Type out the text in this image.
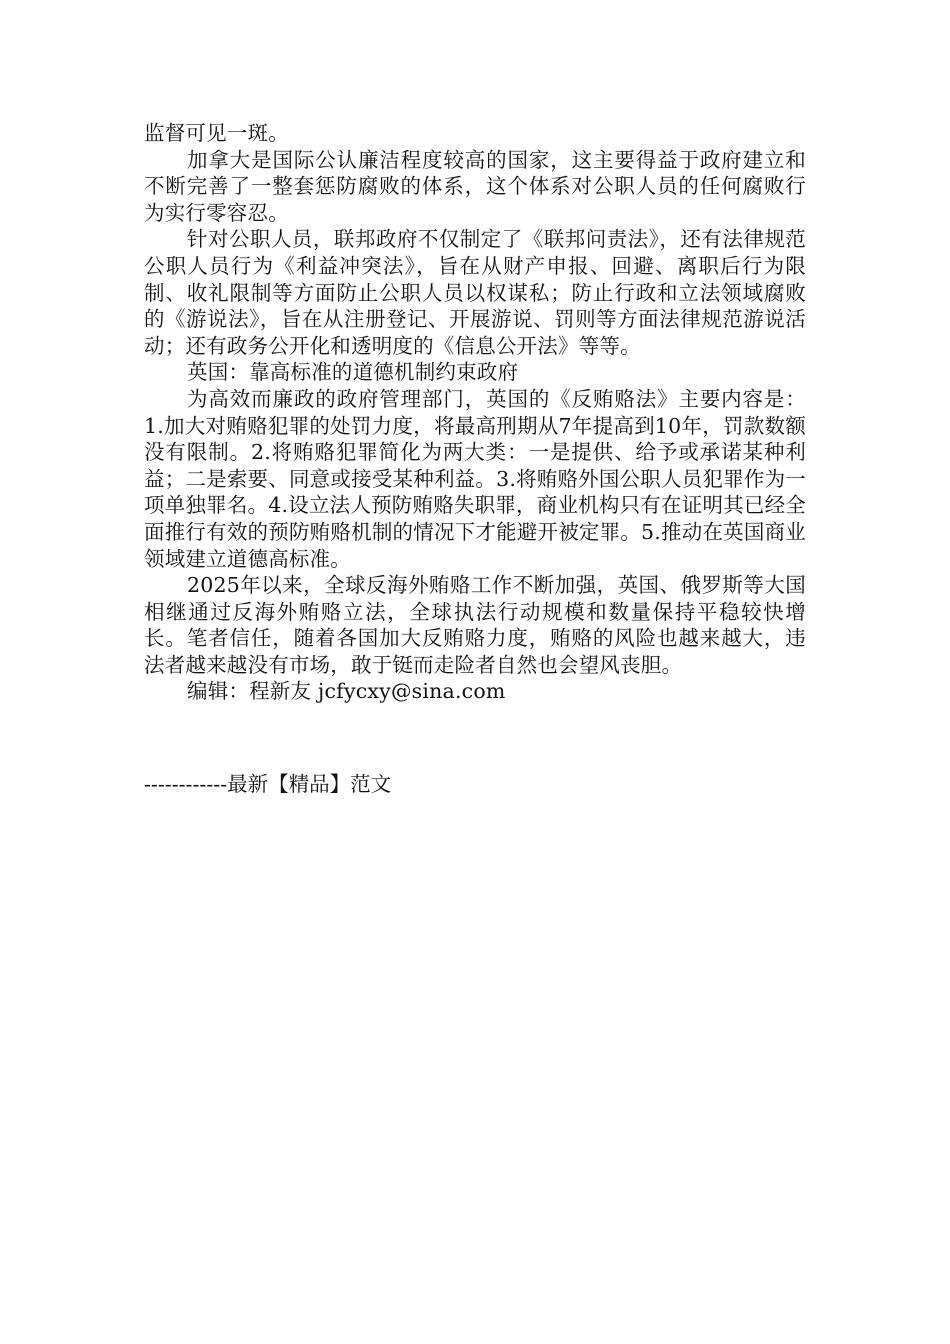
监督可见一斑。

加拿大是国际公认廉洁程度较高的国家，这主要得益于政府建立和不断完善了一整套惩防腐败的体系，这个体系对公职人员的任何腐败行为实行零容忍。

针对公职人员，联邦政府不仅制定了《联邦问责法》，还有法律规范公职人员行为《利益冲突法》，旨在从财产申报、回避、离职后行为限制、收礼限制等方面防止公职人员以权谋私；防止行政和立法领域腐败的《游说法》，旨在从注册登记、开展游说、罚则等方面法律规范游说活动；还有政务公开化和透明度的《信息公开法》等等。

英国：靠高标准的道德机制约束政府

为高效而廉政的政府管理部门，英国的《反贿赂法》主要内容是：1.加大对贿赂犯罪的处罚力度，将最高刑期从7年提高到10年，罚款数额没有限制。2.将贿赂犯罪简化为两大类：一是提供、给予或承诺某种利益；二是索要、同意或接受某种利益。3.将贿赂外国公职人员犯罪作为一项单独罪名。4.设立法人预防贿赂失职罪，商业机构只有在证明其已经全面推行有效的预防贿赂机制的情况下才能避开被定罪。5.推动在英国商业领域建立道德高标准。

2025年以来，全球反海外贿赂工作不断加强，英国、俄罗斯等大国相继通过反海外贿赂立法，全球执法行动规模和数量保持平稳较快增长。笔者信任，随着各国加大反贿赂力度，贿赂的风险也越来越大，违法者越来越没有市场，敢于铤而走险者自然也会望风丧胆。

编辑：程新友 jcfycxy@sina.com

------------最新【精品】范文
